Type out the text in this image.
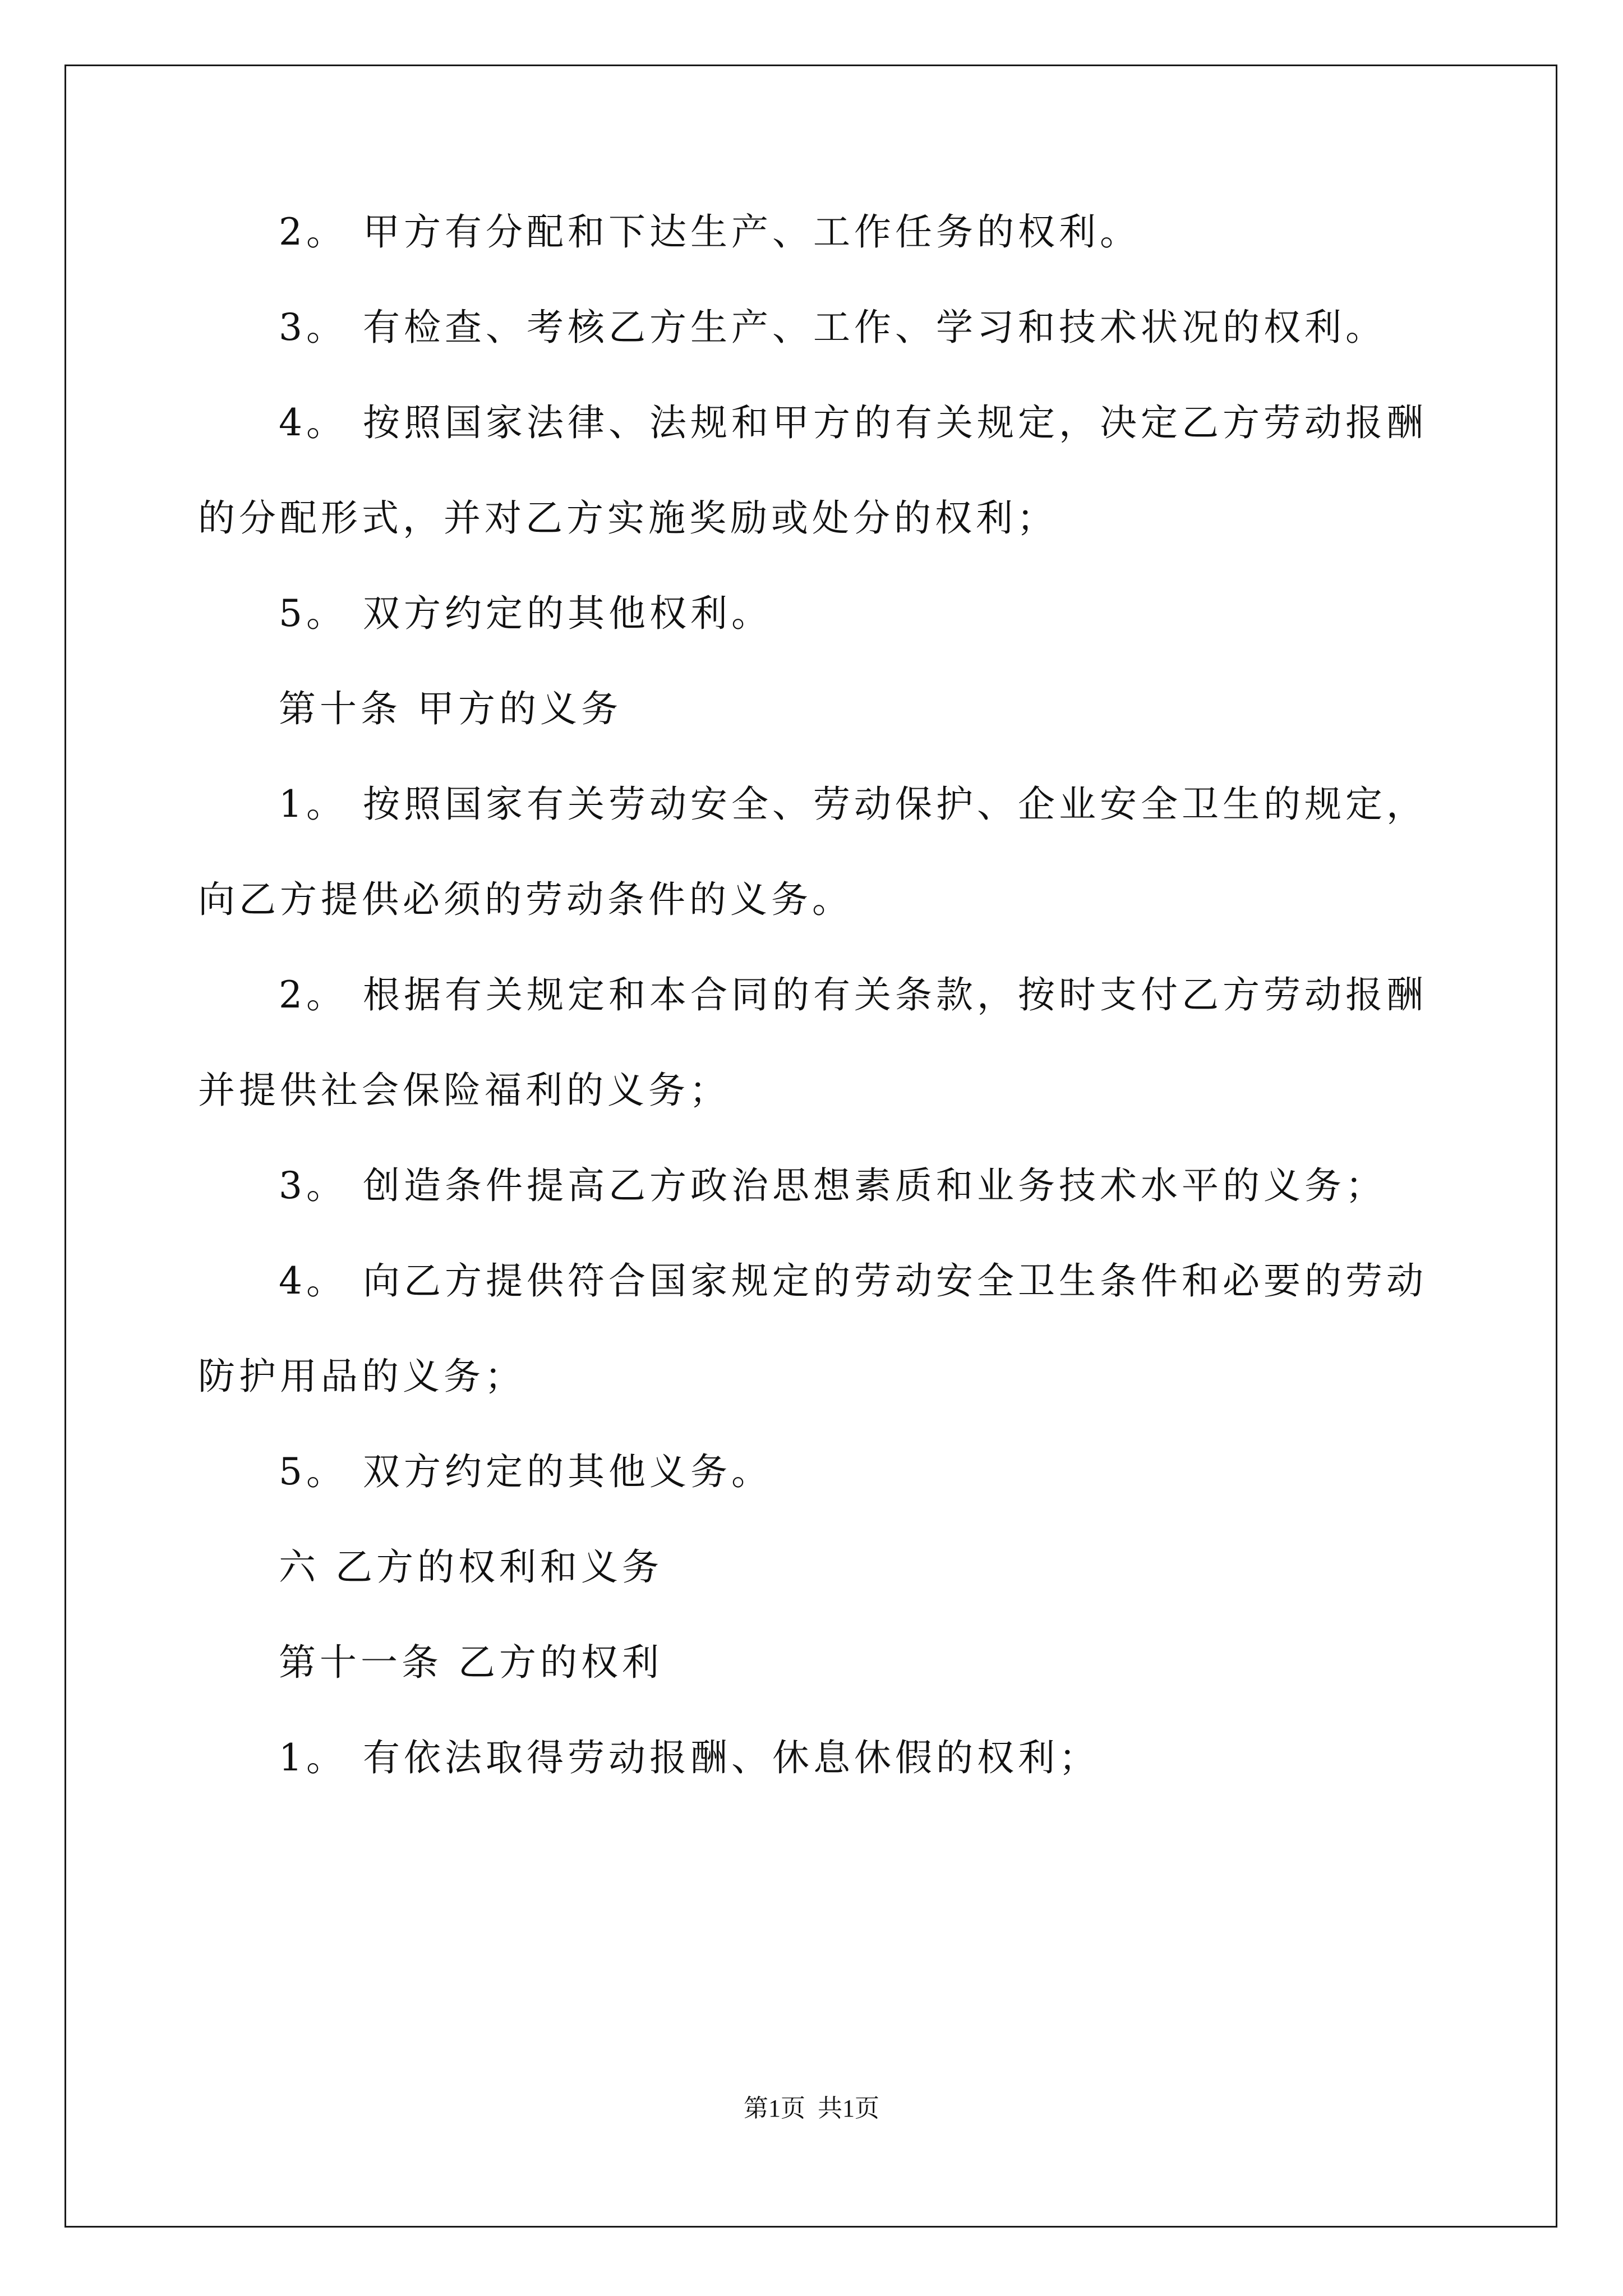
2。 甲方有分配和下达生产、工作任务的权利。
3。 有检查、考核乙方生产、工作、学习和技术状况的权利。
4。 按照国家法律、法规和甲方的有关规定，决定乙方劳动报酬
的分配形式，并对乙方实施奖励或处分的权利；
5。 双方约定的其他权利。
第十条 甲方的义务
1。 按照国家有关劳动安全、劳动保护、企业安全卫生的规定，
向乙方提供必须的劳动条件的义务。
2。 根据有关规定和本合同的有关条款，按时支付乙方劳动报酬
并提供社会保险福利的义务；
3。 创造条件提高乙方政治思想素质和业务技术水平的义务；
4。 向乙方提供符合国家规定的劳动安全卫生条件和必要的劳动
防护用品的义务；
5。 双方约定的其他义务。
六 乙方的权利和义务
第十一条 乙方的权利
1。 有依法取得劳动报酬、休息休假的权利；
第1页  共1页
